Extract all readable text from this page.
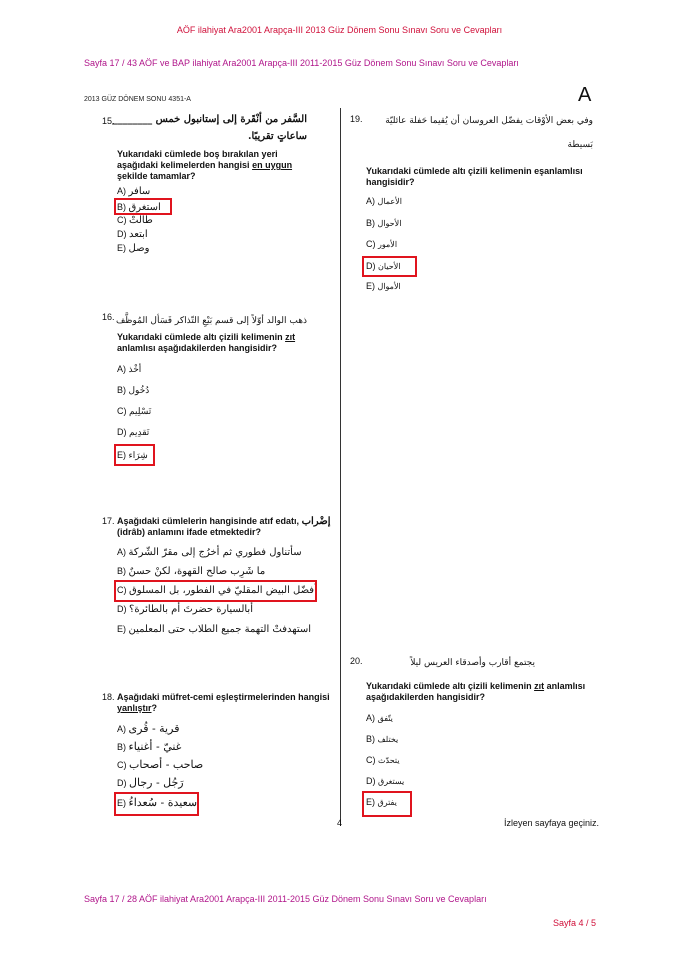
AÖF ilahiyat Ara2001 Arapça-III 2013 Güz Dönem Sonu Sınavı Soru ve Cevapları
Sayfa 17 / 43 AÖF ve BAP ilahiyat Ara2001 Arapça-III 2011-2015 Güz Dönem Sonu Sınavı Soru ve Cevapları
2013 GÜZ DÖNEM SONU 4351-A	A
15.
السَّفر من أنْقَرة إلى إستانبول خمس ________
ساعاتٍ تقريبًا.
Yukarıdaki cümlede boş bırakılan yeri aşağıdaki kelimelerden hangisi en uygun şekilde tamamlar?
A) سافر
B) استغرق
C) طالتْ
D) ابتعد
E) وصل
16. ذهب الوالد أوّلاً إلى قسم بَيْعِ التّذاكر فَسَأل المُوظَّف
Yukarıdaki cümlede altı çizili kelimenin zıt anlamlısı aşağıdakilerden hangisidir?
A) أخْذ
B) دُخُول
C) تَسْلِيم
D) تَقدِيم
E) شِرَاء
17. Aşağıdaki cümlelerin hangisinde atıf edatı, إضْراب (idrâb) anlamını ifade etmektedir?
A) سأتناول فطوري ثم أخرُج إلى مقرّ الشّركة
B) ما شَرِب صالح القهوة، لكنْ حسنٌ
C) أفضّل البيض المقليّ في الفطور، بل المسلوق
D) أبالسيارة حضرتَ أم بالطائرة؟
E) استهدفتْ التهمة جميع الطلاب حتى المعلمين
18. Aşağıdaki müfret-cemi eşleştirmelerinden hangisi yanlıştır?
A) قرية - قُرى
B) غنيّ - أغنياء
C) صاحب - أصحاب
D) رَجُل - رجال
E) سعيدة - سُعداءُ
19.	وفي بعض الأوْقات يفضّل العروسان أن يُقيما حَفلة عائليّة
بَسيطة
Yukarıdaki cümlede altı çizili kelimenin eşanlamlısı hangisidir?
A) الأعمال
B) الأحوال
C) الأمور
D) الأحيان
E) الأموال
20.	يجتمع أقارب وأصدقاء العريس ليلاً
Yukarıdaki cümlede altı çizili kelimenin zıt anlamlısı aşağıdakilerden hangisidir?
A) يتّفق
B) يختلف
C) يتحدّث
D) يستغرق
E) يفترق
4	İzleyen sayfaya geçiniz.
Sayfa 17 / 28 AÖF ilahiyat Ara2001 Arapça-III 2011-2015 Güz Dönem Sonu Sınavı Soru ve Cevapları
Sayfa 4 / 5
